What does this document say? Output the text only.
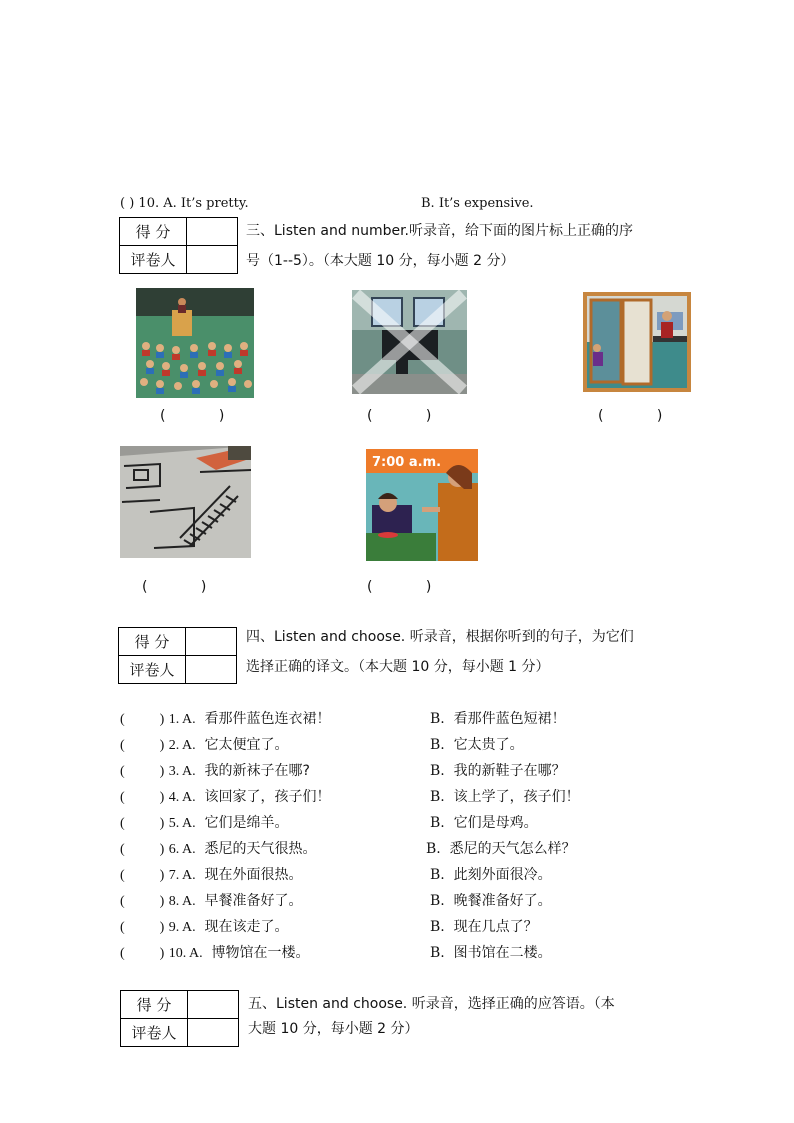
( ) 10. A. It’s pretty.	B. It’s expensive.
得 分	
评卷人	
三、Listen and number.听录音，给下面的图片标上正确的序
号（1--5）。（本大题 10 分，每小题 2 分）
(            )	(            )	(            )
(            )
7:00 a.m.
(            )
得 分	
评卷人	
四、Listen and choose. 听录音，根据你听到的句子，为它们
选择正确的译文。（本大题 10 分，每小题 1 分）
(          ) 1. A. 看那件蓝色连衣裙！	B.  看那件蓝色短裙！
(          ) 2. A. 它太便宜了。	B.  它太贵了。
(          ) 3. A. 我的新袜子在哪?	B.  我的新鞋子在哪？
(          ) 4. A. 该回家了，孩子们！	B.  该上学了，孩子们！
(          ) 5. A. 它们是绵羊。	B.  它们是母鸡。
(          ) 6. A. 悉尼的天气很热。	B.  悉尼的天气怎么样？
(          ) 7. A. 现在外面很热。	B.  此刻外面很冷。
(          ) 8. A. 早餐准备好了。	B.  晚餐准备好了。
(          ) 9. A. 现在该走了。	B.  现在几点了？
(          ) 10. A. 博物馆在一楼。	B.  图书馆在二楼。
得 分	
评卷人	
五、Listen and choose. 听录音，选择正确的应答语。（本
大题 10 分，每小题 2 分）
